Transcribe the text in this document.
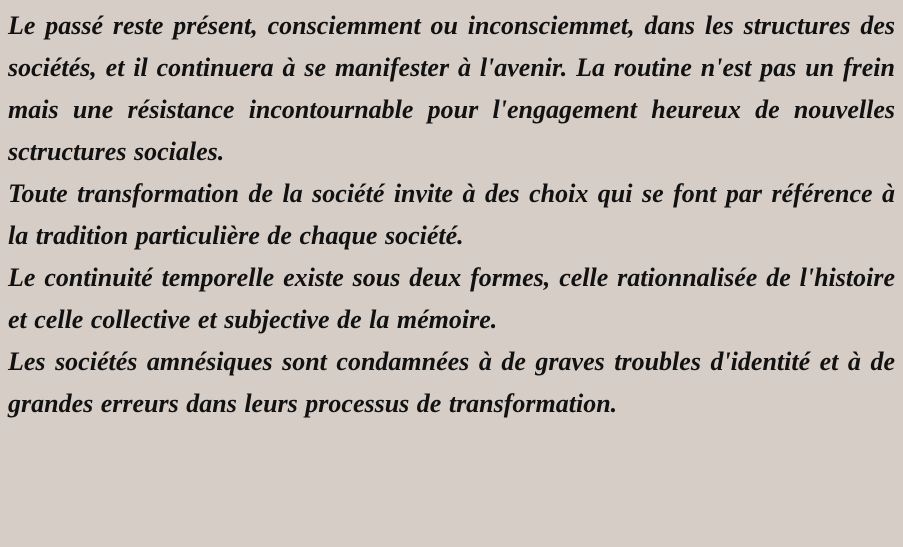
Le passé reste présent, consciemment ou inconsciemmet, dans les structures des sociétés, et il continuera à se manifester à l'avenir. La routine n'est pas un frein mais une résistance incontournable pour l'engagement heureux de nouvelles sctructures sociales.

Toute transformation de la société invite à des choix qui se font par référence à la tradition particulière de chaque société.

Le continuité temporelle existe sous deux formes, celle rationnalisée de l'histoire et celle collective et subjective de la mémoire.

Les sociétés amnésiques sont condamnées à de graves troubles d'identité et à de grandes erreurs dans leurs processus de transformation.
